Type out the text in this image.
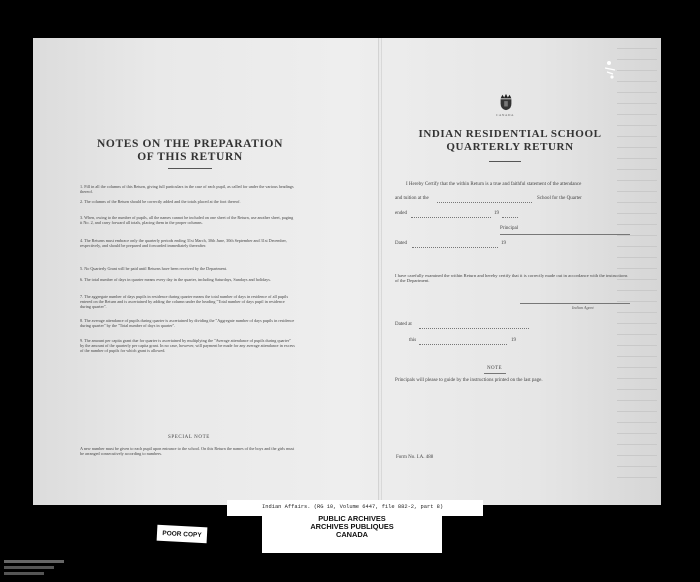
NOTES ON THE PREPARATION
OF THIS RETURN
1. Fill in all the columns of this Return, giving full particulars in the case of each pupil, as called for under the various headings thereof.
2. The columns of the Return should be correctly added and the totals placed at the foot thereof.
3. When, owing to the number of pupils, all the names cannot be included on one sheet of the Return, use another sheet, paging it No. 2, and carry forward all totals, placing them in the proper columns.
4. The Returns must embrace only the quarterly periods ending 31st March, 30th June, 30th September and 31st December, respectively, and should be prepared and forwarded immediately thereafter.
5. No Quarterly Grant will be paid until Returns have been received by the Department.
6. The total number of days in quarter means every day in the quarter, including Saturdays, Sundays and holidays.
7. The aggregate number of days pupils in residence during quarter means the total number of days in residence of all pupils entered on the Return and is ascertained by adding the column under the heading "Total number of days pupil in residence during quarter".
8. The average attendance of pupils during quarter is ascertained by dividing the "Aggregate number of days pupils in residence during quarter" by the "Total number of days in quarter".
9. The amount per capita grant due for quarter is ascertained by multiplying the "Average attendance of pupils during quarter" by the amount of the quarterly per capita grant. In no case, however, will payment be made for any average attendance in excess of the number of pupils for which grant is allowed.
SPECIAL NOTE
A new number must be given to each pupil upon entrance to the school. On this Return the names of the boys and the girls must be arranged consecutively according to numbers.
CANADA
INDIAN RESIDENTIAL SCHOOL
QUARTERLY RETURN
I Hereby Certify that the within Return is a true and faithful statement of the attendance
and tuition at the	School for the Quarter
ended	19
Principal
Dated	19
I have carefully examined the within Return and hereby certify that it is correctly made out in accordance with the instructions of the Department.
Indian Agent
Dated at
this	19
NOTE
Principals will please to guide by the instructions printed on the last page.
Form No. I.A. 488
Indian Affairs. (RG 10, Volume 6447, file 882-2, part 8)
PUBLIC ARCHIVES
ARCHIVES PUBLIQUES
CANADA
POOR COPY
